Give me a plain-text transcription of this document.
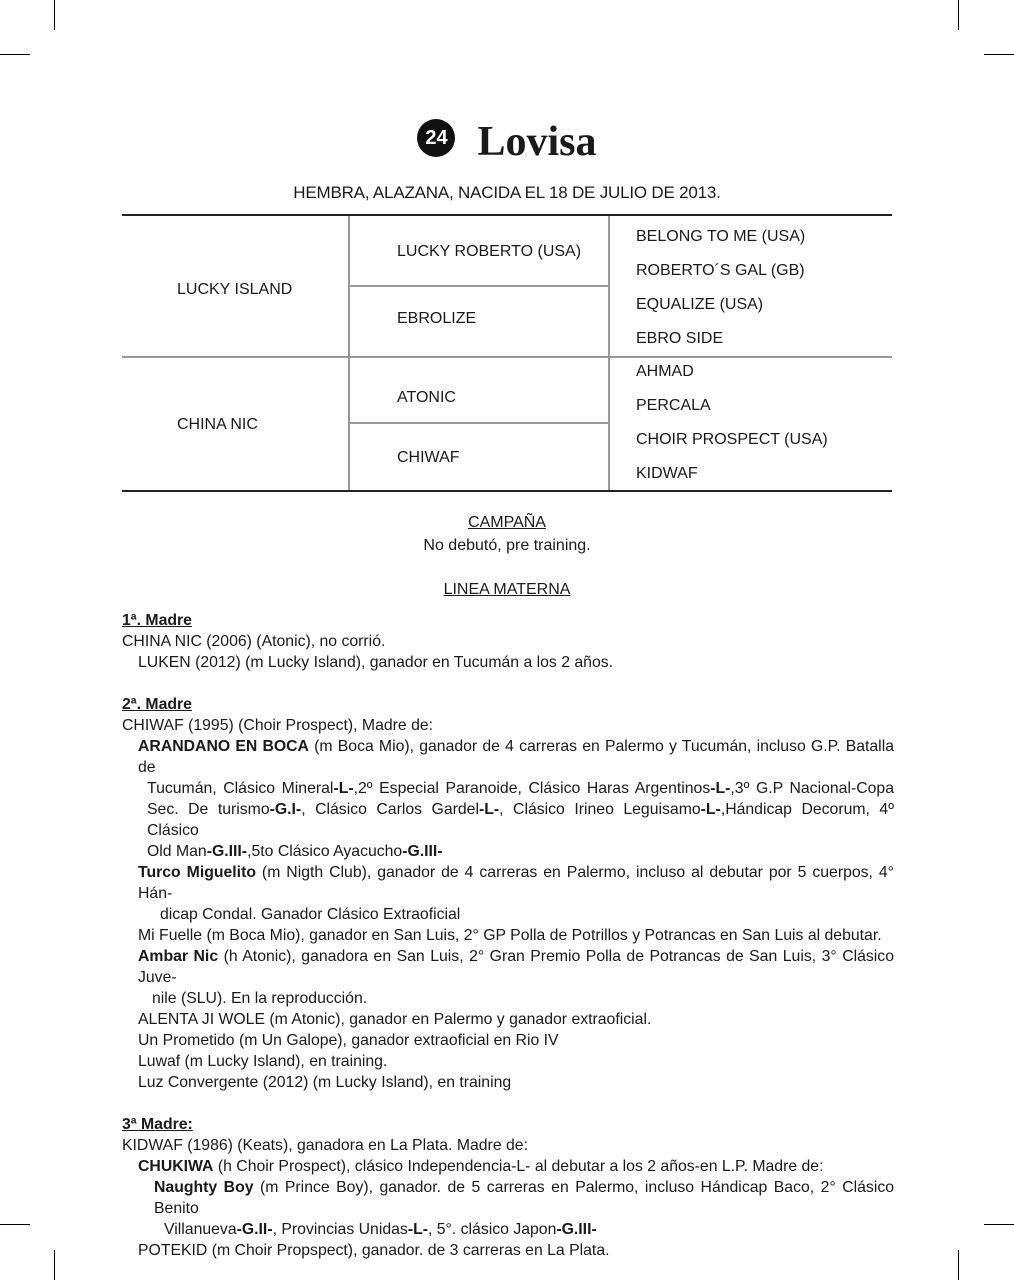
24 Lovisa
HEMBRA, ALAZANA, NACIDA EL 18 DE JULIO DE 2013.
LUCKY ISLAND
CHINA NIC
LUCKY ROBERTO (USA)
EBROLIZE
ATONIC
CHIWAF
BELONG TO ME (USA)
ROBERTO´S GAL (GB)
EQUALIZE (USA)
EBRO SIDE
AHMAD
PERCALA
CHOIR PROSPECT (USA)
KIDWAF
CAMPAÑA
No debutó, pre training.
LINEA MATERNA

1ª. Madre

CHINA NIC (2006) (Atonic), no corrió.

LUKEN (2012) (m Lucky Island), ganador en Tucumán a los 2 años.

2ª. Madre

CHIWAF (1995) (Choir Prospect), Madre de:

ARANDANO EN BOCA (m Boca Mio), ganador de 4 carreras en Palermo y Tucumán, incluso G.P. Batalla de

Tucumán, Clásico Mineral-L-,2º Especial Paranoide, Clásico Haras Argentinos-L-,3º G.P Nacional-Copa

Sec. De turismo-G.I-, Clásico Carlos Gardel-L-, Clásico Irineo Leguisamo-L-,Hándicap Decorum, 4º Clásico

Old Man-G.III-,5to Clásico Ayacucho-G.III-

Turco Miguelito (m Nigth Club), ganador de 4 carreras en Palermo, incluso al debutar por 5 cuerpos, 4° Hán-

dicap Condal. Ganador Clásico Extraoficial

Mi Fuelle (m Boca Mio), ganador en San Luis, 2° GP Polla de Potrillos y Potrancas en San Luis al debutar.

Ambar Nic (h Atonic), ganadora en San Luis, 2° Gran Premio Polla de Potrancas de San Luis, 3° Clásico Juve-

nile (SLU). En la reproducción.

ALENTA JI WOLE (m Atonic), ganador en Palermo y ganador extraoficial.

Un Prometido (m Un Galope), ganador extraoficial en Rio IV

Luwaf (m Lucky Island), en training.

Luz Convergente (2012) (m Lucky Island), en training

3ª Madre:

KIDWAF (1986) (Keats), ganadora en La Plata. Madre de:

CHUKIWA (h Choir Prospect), clásico Independencia-L- al debutar a los 2 años-en L.P. Madre de:

Naughty Boy (m Prince Boy), ganador. de 5 carreras en Palermo, incluso Hándicap Baco, 2° Clásico Benito

Villanueva-G.II-, Provincias Unidas-L-, 5°. clásico Japon-G.III-

POTEKID (m Choir Propspect), ganador. de 3 carreras en La Plata.
